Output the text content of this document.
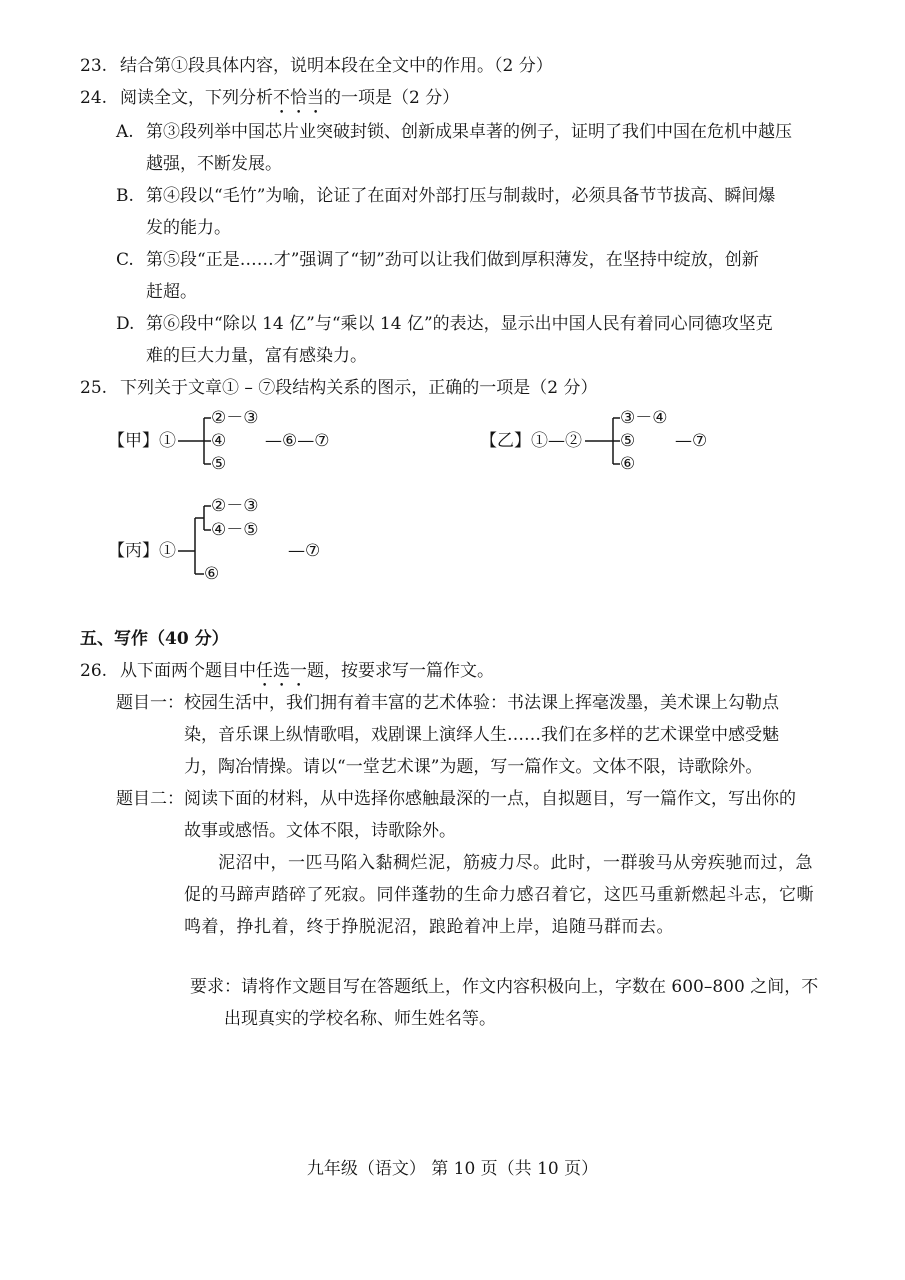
23. 结合第①段具体内容，说明本段在全文中的作用。（2 分）
24. 阅读全文，下列分析不恰当的一项是（2 分）
A. 第③段列举中国芯片业突破封锁、创新成果卓著的例子，证明了我们中国在危机中越压
越强，不断发展。
B. 第④段以“毛竹”为喻，论证了在面对外部打压与制裁时，必须具备节节拔高、瞬间爆
发的能力。
C. 第⑤段“正是……才”强调了“韧”劲可以让我们做到厚积薄发，在坚持中绽放，创新
赶超。
D. 第⑥段中“除以 14 亿”与“乘以 14 亿”的表达，显示出中国人民有着同心同德攻坚克
难的巨大力量，富有感染力。
25. 下列关于文章① – ⑦段结构关系的图示，正确的一项是（2 分）
【甲】①
②－③
④
⑤
—⑥—⑦	【乙】①—②
③－④
⑤
⑥
—⑦
【丙】①
②－③
④－⑤
⑥
—⑦
五、写作（40 分）
26. 从下面两个题目中任选一题，按要求写一篇作文。
题目一：校园生活中，我们拥有着丰富的艺术体验：书法课上挥毫泼墨，美术课上勾勒点
染，音乐课上纵情歌唱，戏剧课上演绎人生……我们在多样的艺术课堂中感受魅
力，陶冶情操。请以“一堂艺术课”为题，写一篇作文。文体不限，诗歌除外。
题目二：阅读下面的材料，从中选择你感触最深的一点，自拟题目，写一篇作文，写出你的
故事或感悟。文体不限，诗歌除外。
泥沼中，一匹马陷入黏稠烂泥，筋疲力尽。此时，一群骏马从旁疾驰而过，急
促的马蹄声踏碎了死寂。同伴蓬勃的生命力感召着它，这匹马重新燃起斗志，它嘶
鸣着，挣扎着，终于挣脱泥沼，踉跄着冲上岸，追随马群而去。
要求：请将作文题目写在答题纸上，作文内容积极向上，字数在 600–800 之间，不
出现真实的学校名称、师生姓名等。
九年级（语文） 第 10 页（共 10 页）
